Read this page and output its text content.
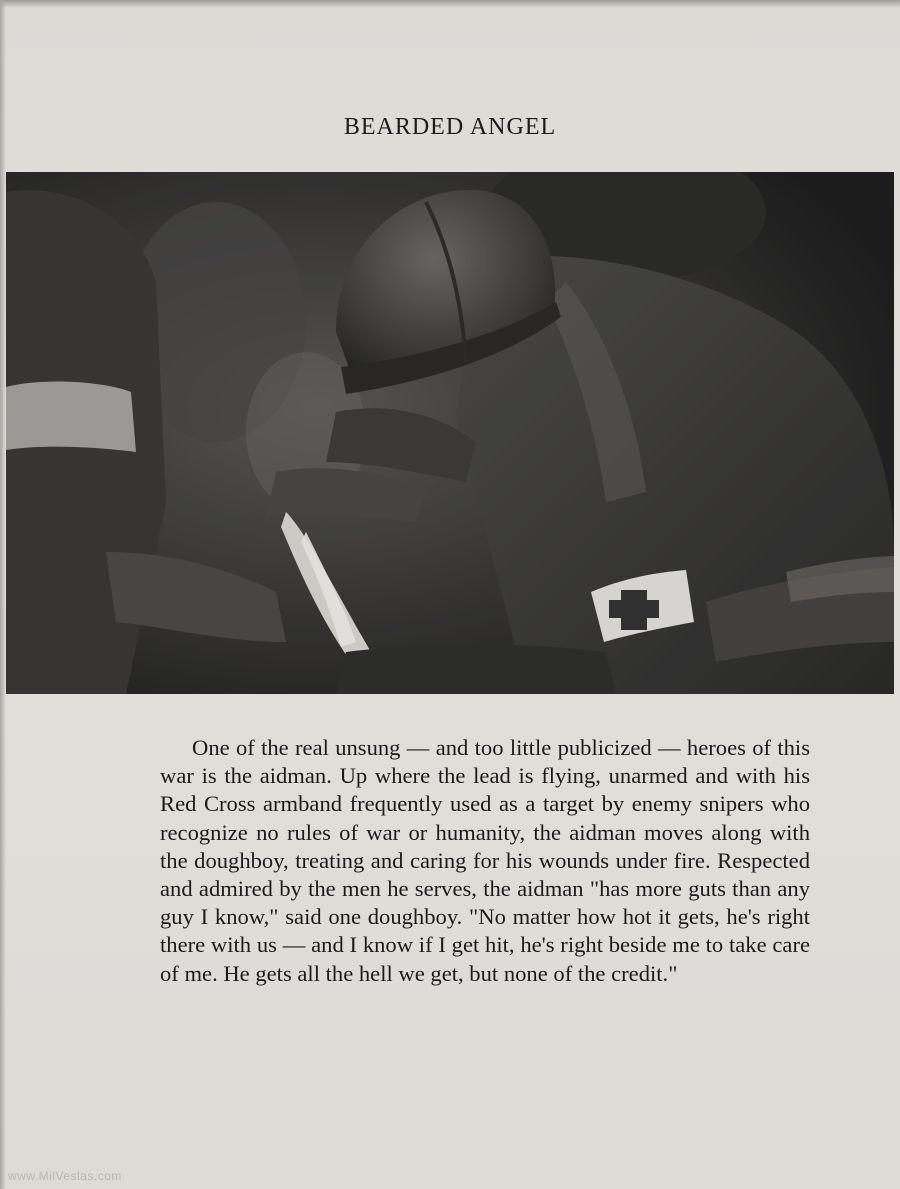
BEARDED ANGEL
One of the real unsung — and too little publicized — heroes of this war is the aidman. Up where the lead is flying, unarmed and with his Red Cross armband frequently used as a target by enemy snipers who recognize no rules of war or humanity, the aidman moves along with the doughboy, treating and caring for his wounds under fire. Respected and admired by the men he serves, the aidman "has more guts than any guy I know," said one doughboy. "No matter how hot it gets, he's right there with us — and I know if I get hit, he's right beside me to take care of me. He gets all the hell we get, but none of the credit."
www.MilVeslas.com
